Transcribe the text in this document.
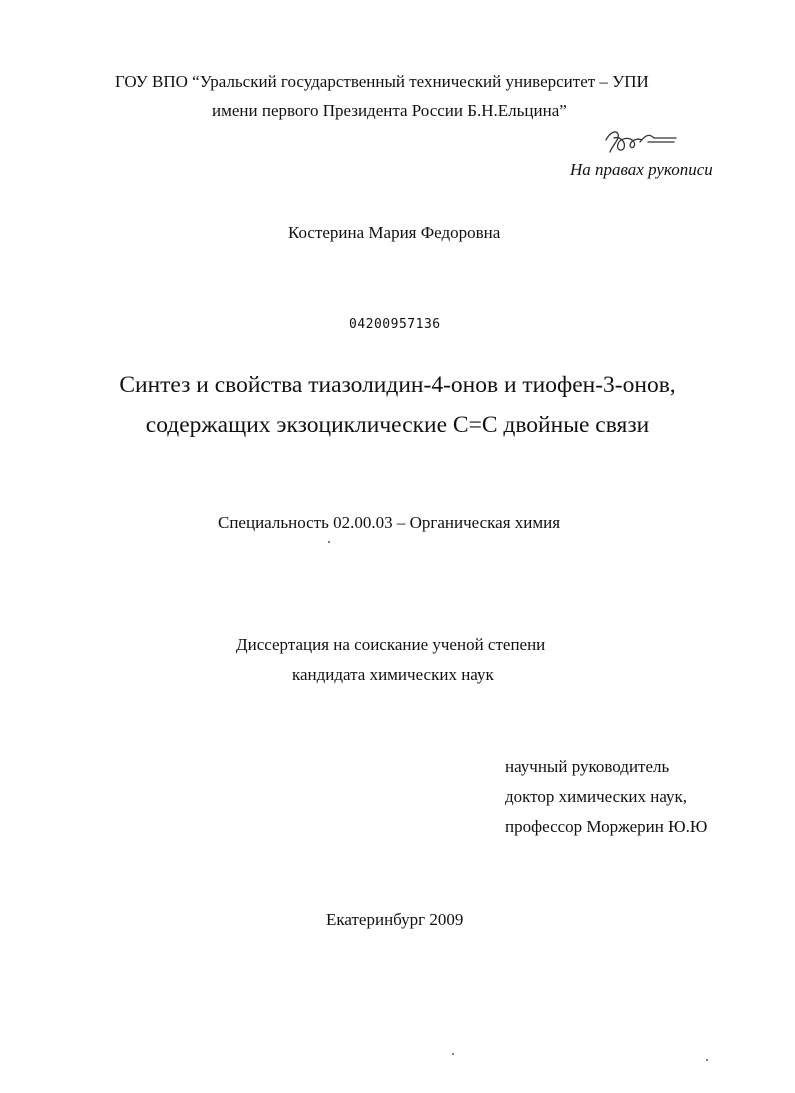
ГОУ ВПО “Уральский государственный технический университет – УПИ
имени первого Президента России Б.Н.Ельцина”
На правах рукописи
Костерина Мария Федоровна
04200957136
Синтез и свойства тиазолидин-4-онов и тиофен-3-онов,
содержащих экзоциклические С=С двойные связи
Специальность 02.00.03 – Органическая химия
Диссертация на соискание ученой степени
кандидата химических наук
научный руководитель
доктор химических наук,
профессор Моржерин Ю.Ю
Екатеринбург 2009
